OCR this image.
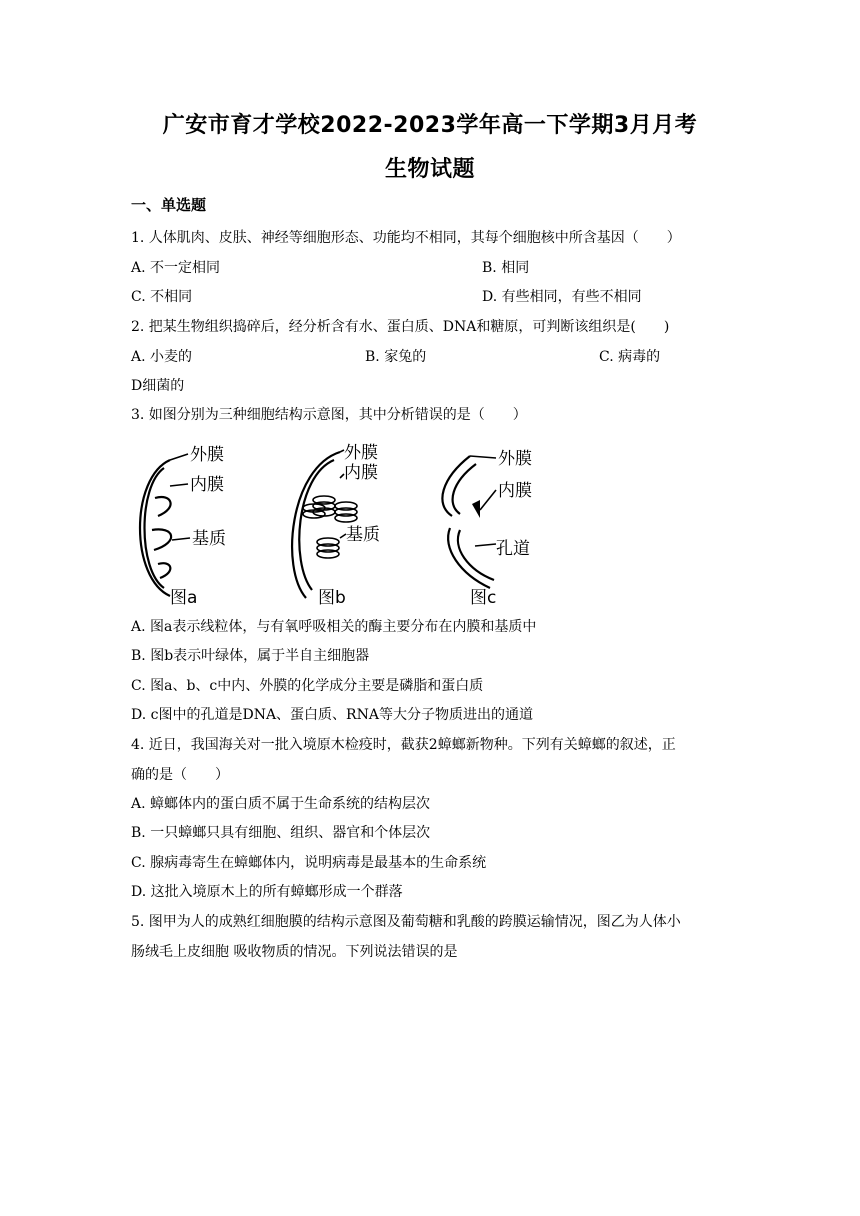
广安市育才学校2022-2023学年高一下学期3月月考
生物试题
一、单选题
1. 人体肌肉、皮肤、神经等细胞形态、功能均不相同，其每个细胞核中所含基因（　　）
A. 不一定相同	B. 相同
C. 不相同	D. 有些相同，有些不相同
2. 把某生物组织捣碎后，经分析含有水、蛋白质、DNA和糖原，可判断该组织是(　　)
A. 小麦的	B. 家兔的	C. 病毒的
D细菌的
3. 如图分别为三种细胞结构示意图，其中分析错误的是（　　）
外膜
内膜
基质
图a
外膜
内膜
基质
图b
外膜
内膜
孔道
图c
A. 图a表示线粒体，与有氧呼吸相关的酶主要分布在内膜和基质中
B. 图b表示叶绿体，属于半自主细胞器
C. 图a、b、c中内、外膜的化学成分主要是磷脂和蛋白质
D. c图中的孔道是DNA、蛋白质、RNA等大分子物质进出的通道
4. 近日，我国海关对一批入境原木检疫时，截获2蟑螂新物种。下列有关蟑螂的叙述，正
确的是（　　）
A. 蟑螂体内的蛋白质不属于生命系统的结构层次
B. 一只蟑螂只具有细胞、组织、器官和个体层次
C. 腺病毒寄生在蟑螂体内，说明病毒是最基本的生命系统
D. 这批入境原木上的所有蟑螂形成一个群落
5. 图甲为人的成熟红细胞膜的结构示意图及葡萄糖和乳酸的跨膜运输情况，图乙为人体小
肠绒毛上皮细胞 吸收物质的情况。下列说法错误的是
